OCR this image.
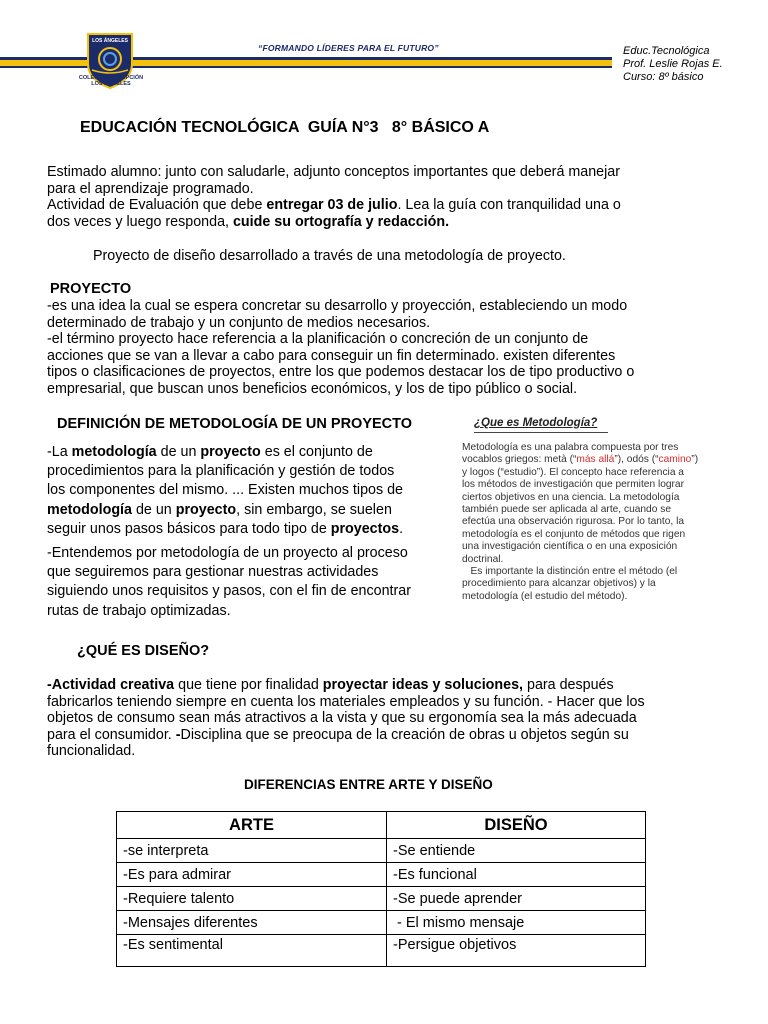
LOS ÁNGELES
COLEGIO CONCEPCIÓN
LOS ÁNGELES
“FORMANDO LÍDERES PARA EL FUTURO”	Educ.Tecnológica
Prof. Leslie Rojas E.
Curso: 8º básico
EDUCACIÓN TECNOLÓGICA  GUÍA N°3   8° BÁSICO A
Estimado alumno: junto con saludarle, adjunto conceptos importantes que deberá manejar
para el aprendizaje programado.
Actividad de Evaluación que debe entregar 03 de julio. Lea la guía con tranquilidad una o
dos veces y luego responda, cuide su ortografía y redacción.
Proyecto de diseño desarrollado a través de una metodología de proyecto.
PROYECTO
-es una idea la cual se espera concretar su desarrollo y proyección, estableciendo un modo
determinado de trabajo y un conjunto de medios necesarios.
-el término proyecto hace referencia a la planificación o concreción de un conjunto de
acciones que se van a llevar a cabo para conseguir un fin determinado. existen diferentes
tipos o clasificaciones de proyectos, entre los que podemos destacar los de tipo productivo o
empresarial, que buscan unos beneficios económicos, y los de tipo público o social.
DEFINICIÓN DE METODOLOGÍA DE UN PROYECTO
-La metodología de un proyecto es el conjunto de
procedimientos para la planificación y gestión de todos
los componentes del mismo. ... Existen muchos tipos de
metodología de un proyecto, sin embargo, se suelen
seguir unos pasos básicos para todo tipo de proyectos.
-Entendemos por metodología de un proyecto al proceso
que seguiremos para gestionar nuestras actividades
siguiendo unos requisitos y pasos, con el fin de encontrar
rutas de trabajo optimizadas.
¿Que es Metodología?
Metodología es una palabra compuesta por tres
vocablos griegos: metà (“más allá”), odós (“camino”)
y logos (“estudio”). El concepto hace referencia a
los métodos de investigación que permiten lograr
ciertos objetivos en una ciencia. La metodología
también puede ser aplicada al arte, cuando se
efectúa una observación rigurosa. Por lo tanto, la
metodología es el conjunto de métodos que rigen
una investigación científica o en una exposición
doctrinal.
Es importante la distinción entre el método (el
procedimiento para alcanzar objetivos) y la
metodología (el estudio del método).
¿QUÉ ES DISEÑO?
-Actividad creativa que tiene por finalidad proyectar ideas y soluciones, para después
fabricarlos teniendo siempre en cuenta los materiales empleados y su función. - Hacer que los
objetos de consumo sean más atractivos a la vista y que su ergonomía sea la más adecuada
para el consumidor. -Disciplina que se preocupa de la creación de obras u objetos según su
funcionalidad.
DIFERENCIAS ENTRE ARTE Y DISEÑO
ARTE	DISEÑO
-se interpreta	-Se entiende
-Es para admirar	-Es funcional
-Requiere talento	-Se puede aprender
-Mensajes diferentes	- El mismo mensaje
-Es sentimental	-Persigue objetivos
